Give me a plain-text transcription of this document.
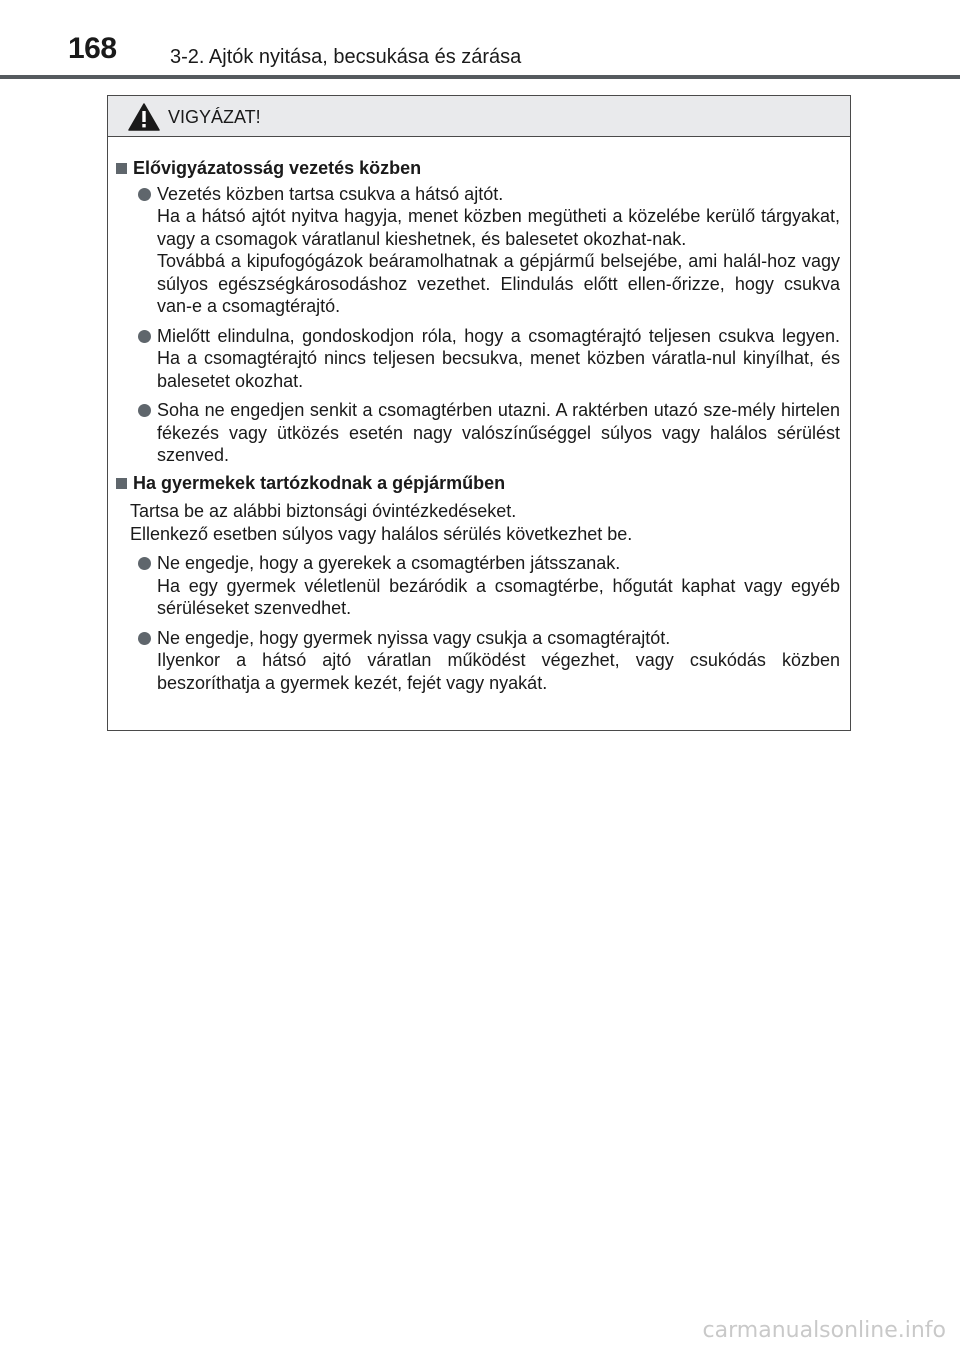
168	3-2. Ajtók nyitása, becsukása és zárása
VIGYÁZAT!
Elővigyázatosság vezetés közben
Vezetés közben tartsa csukva a hátsó ajtót.
Ha a hátsó ajtót nyitva hagyja, menet közben megütheti a közelébe kerülő tárgyakat, vagy a csomagok váratlanul kieshetnek, és balesetet okozhat-nak.
Továbbá a kipufogógázok beáramolhatnak a gépjármű belsejébe, ami halál-hoz vagy súlyos egészségkárosodáshoz vezethet. Elindulás előtt ellen-őrizze, hogy csukva van-e a csomagtérajtó.
Mielőtt elindulna, gondoskodjon róla, hogy a csomagtérajtó teljesen csukva legyen. Ha a csomagtérajtó nincs teljesen becsukva, menet közben váratla-nul kinyílhat, és balesetet okozhat.
Soha ne engedjen senkit a csomagtérben utazni. A raktérben utazó sze-mély hirtelen fékezés vagy ütközés esetén nagy valószínűséggel súlyos vagy halálos sérülést szenved.
Ha gyermekek tartózkodnak a gépjárműben
Tartsa be az alábbi biztonsági óvintézkedéseket.
Ellenkező esetben súlyos vagy halálos sérülés következhet be.
Ne engedje, hogy a gyerekek a csomagtérben játsszanak.
Ha egy gyermek véletlenül bezáródik a csomagtérbe, hőgutát kaphat vagy egyéb sérüléseket szenvedhet.
Ne engedje, hogy gyermek nyissa vagy csukja a csomagtérajtót.
Ilyenkor a hátsó ajtó váratlan működést végezhet, vagy csukódás közben beszoríthatja a gyermek kezét, fejét vagy nyakát.
carmanualsonline.info
